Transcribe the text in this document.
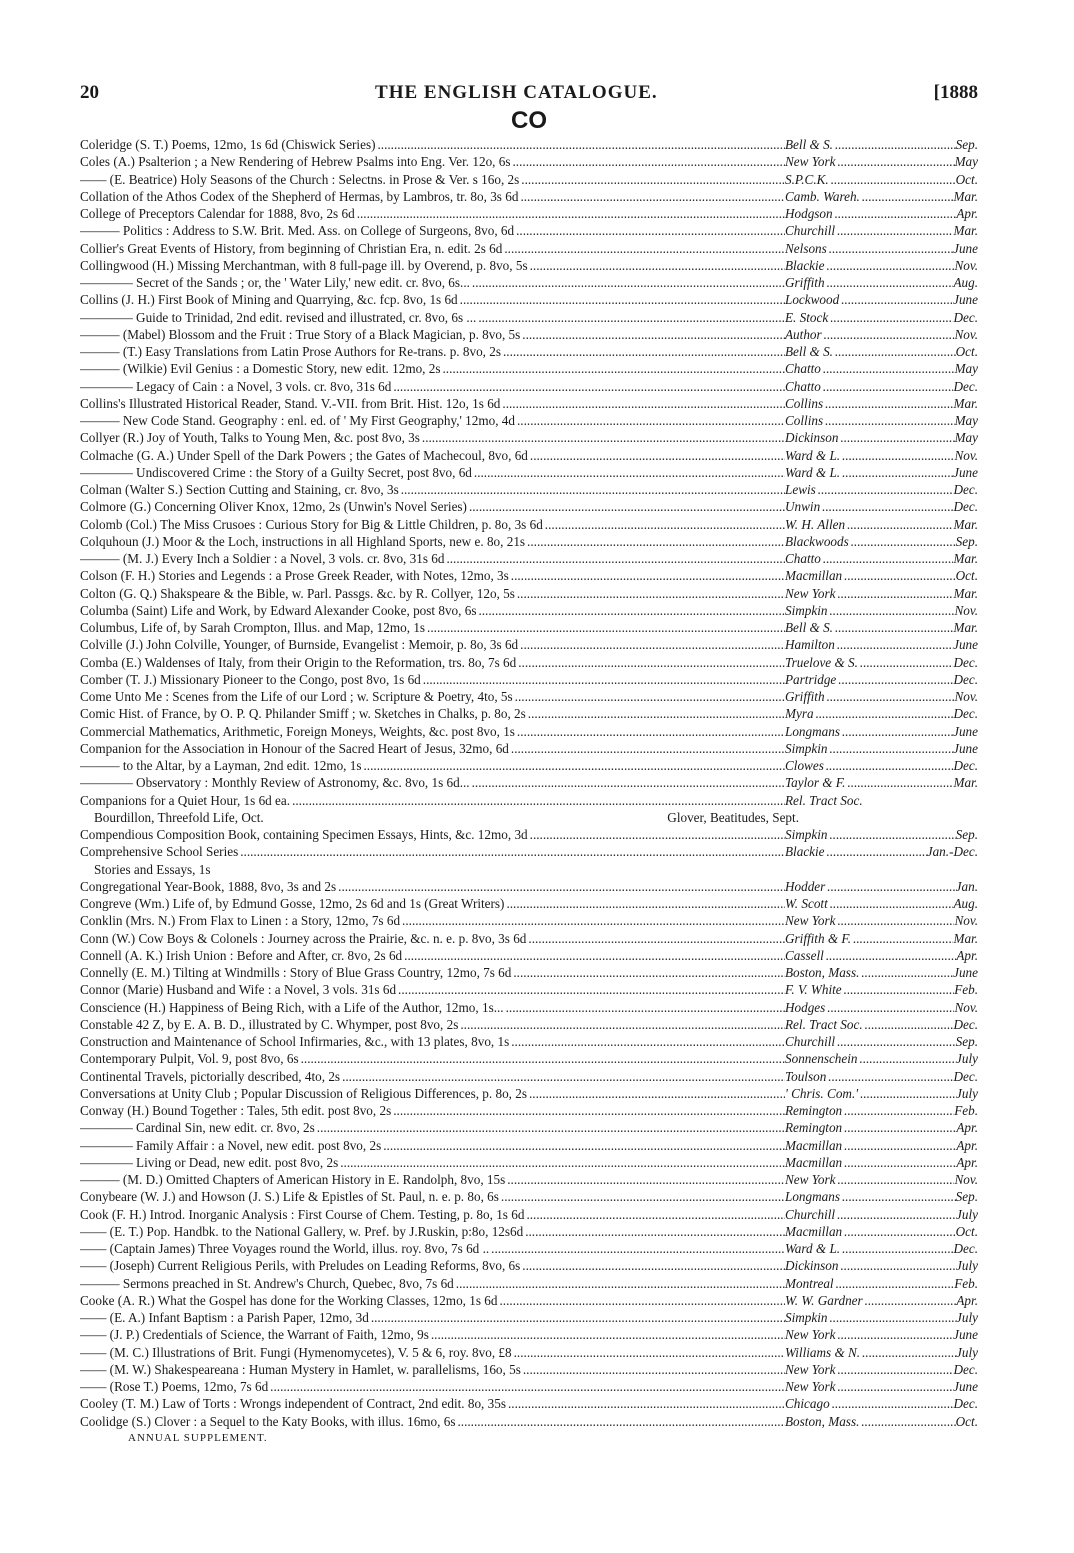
20	THE ENGLISH CATALOGUE.	[1888
CO
Coleridge (S. T.) Poems, 12mo, 1s 6d (Chiswick Series) .....	Bell & S. .....	Sep.
Coles (A.) Psalterion ; a New Rendering of Hebrew Psalms into Eng. Ver. 12o, 6s .....	New York .....	May
—— (E. Beatrice) Holy Seasons of the Church : Selectns. in Prose & Ver. s 16o, 2s .....	S.P.C.K. .....	Oct.
Collation of the Athos Codex of the Shepherd of Hermas, by Lambros, tr. 8o, 3s 6d .....	Camb. Wareh. .....	Mar.
College of Preceptors Calendar for 1888, 8vo, 2s 6d .....	Hodgson .....	Apr.
——— Politics : Address to S.W. Brit. Med. Ass. on College of Surgeons, 8vo, 6d .....	Churchill .....	Mar.
Collier's Great Events of History, from beginning of Christian Era, n. edit. 2s 6d .....	Nelsons .....	June
Collingwood (H.) Missing Merchantman, with 8 full-page ill. by Overend, p. 8vo, 5s .....	Blackie .....	Nov.
———— Secret of the Sands ; or, the ' Water Lily,' new edit. cr. 8vo, 6s... .....	Griffith .....	Aug.
Collins (J. H.) First Book of Mining and Quarrying, &c. fcp. 8vo, 1s 6d .....	Lockwood .....	June
———— Guide to Trinidad, 2nd edit. revised and illustrated, cr. 8vo, 6s ... .....	E. Stock .....	Dec.
——— (Mabel) Blossom and the Fruit : True Story of a Black Magician, p. 8vo, 5s .....	Author .....	Nov.
——— (T.) Easy Translations from Latin Prose Authors for Re-trans. p. 8vo, 2s .....	Bell & S. .....	Oct.
——— (Wilkie) Evil Genius : a Domestic Story, new edit. 12mo, 2s .....	Chatto .....	May
———— Legacy of Cain : a Novel, 3 vols. cr. 8vo, 31s 6d .....	Chatto .....	Dec.
Collins's Illustrated Historical Reader, Stand. V.-VII. from Brit. Hist. 12o, 1s 6d .....	Collins .....	Mar.
——— New Code Stand. Geography : enl. ed. of ' My First Geography,' 12mo, 4d .....	Collins .....	May
Collyer (R.) Joy of Youth, Talks to Young Men, &c. post 8vo, 3s .....	Dickinson .....	May
Colmache (G. A.) Under Spell of the Dark Powers ; the Gates of Machecoul, 8vo, 6d .....	Ward & L. .....	Nov.
———— Undiscovered Crime : the Story of a Guilty Secret, post 8vo, 6d .....	Ward & L. .....	June
Colman (Walter S.) Section Cutting and Staining, cr. 8vo, 3s .....	Lewis .....	Dec.
Colmore (G.) Concerning Oliver Knox, 12mo, 2s (Unwin's Novel Series) .....	Unwin .....	Dec.
Colomb (Col.) The Miss Crusoes : Curious Story for Big & Little Children, p. 8o, 3s 6d .....	W. H. Allen .....	Mar.
Colquhoun (J.) Moor & the Loch, instructions in all Highland Sports, new e. 8o, 21s .....	Blackwoods .....	Sep.
——— (M. J.) Every Inch a Soldier : a Novel, 3 vols. cr. 8vo, 31s 6d .....	Chatto .....	Mar.
Colson (F. H.) Stories and Legends : a Prose Greek Reader, with Notes, 12mo, 3s .....	Macmillan .....	Oct.
Colton (G. Q.) Shakspeare & the Bible, w. Parl. Passgs. &c. by R. Collyer, 12o, 5s .....	New York .....	Mar.
Columba (Saint) Life and Work, by Edward Alexander Cooke, post 8vo, 6s .....	Simpkin .....	Nov.
Columbus, Life of, by Sarah Crompton, Illus. and Map, 12mo, 1s .....	Bell & S. .....	Mar.
Colville (J.) John Colville, Younger, of Burnside, Evangelist : Memoir, p. 8o, 3s 6d .....	Hamilton .....	June
Comba (E.) Waldenses of Italy, from their Origin to the Reformation, trs. 8o, 7s 6d .....	Truelove & S. .....	Dec.
Comber (T. J.) Missionary Pioneer to the Congo, post 8vo, 1s 6d .....	Partridge .....	Dec.
Come Unto Me : Scenes from the Life of our Lord ; w. Scripture & Poetry, 4to, 5s .....	Griffith .....	Nov.
Comic Hist. of France, by O. P. Q. Philander Smiff ; w. Sketches in Chalks, p. 8o, 2s .....	Myra .....	Dec.
Commercial Mathematics, Arithmetic, Foreign Moneys, Weights, &c. post 8vo, 1s .....	Longmans .....	June
Companion for the Association in Honour of the Sacred Heart of Jesus, 32mo, 6d .....	Simpkin .....	June
——— to the Altar, by a Layman, 2nd edit. 12mo, 1s .....	Clowes .....	Dec.
———— Observatory : Monthly Review of Astronomy, &c. 8vo, 1s 6d... .....	Taylor & F. .....	Mar.
Companions for a Quiet Hour, 1s 6d ea. .....	Rel. Tract Soc.
Bourdillon, Threefold Life, Oct.	Glover, Beatitudes, Sept.
Compendious Composition Book, containing Specimen Essays, Hints, &c. 12mo, 3d .....	Simpkin .....	Sep.
Comprehensive School Series .....	Blackie .....	Jan.-Dec.
Stories and Essays, 1s
Congregational Year-Book, 1888, 8vo, 3s and 2s .....	Hodder .....	Jan.
Congreve (Wm.) Life of, by Edmund Gosse, 12mo, 2s 6d and 1s (Great Writers) .....	W. Scott .....	Aug.
Conklin (Mrs. N.) From Flax to Linen : a Story, 12mo, 7s 6d .....	New York .....	Nov.
Conn (W.) Cow Boys & Colonels : Journey across the Prairie, &c. n. e. p. 8vo, 3s 6d .....	Griffith & F. .....	Mar.
Connell (A. K.) Irish Union : Before and After, cr. 8vo, 2s 6d .....	Cassell .....	Apr.
Connelly (E. M.) Tilting at Windmills : Story of Blue Grass Country, 12mo, 7s 6d .....	Boston, Mass. .....	June
Connor (Marie) Husband and Wife : a Novel, 3 vols. 31s 6d .....	F. V. White .....	Feb.
Conscience (H.) Happiness of Being Rich, with a Life of the Author, 12mo, 1s... .....	Hodges .....	Nov.
Constable 42 Z, by E. A. B. D., illustrated by C. Whymper, post 8vo, 2s .....	Rel. Tract Soc. .....	Dec.
Construction and Maintenance of School Infirmaries, &c., with 13 plates, 8vo, 1s .....	Churchill .....	Sep.
Contemporary Pulpit, Vol. 9, post 8vo, 6s .....	Sonnenschein .....	July
Continental Travels, pictorially described, 4to, 2s .....	Toulson .....	Dec.
Conversations at Unity Club ; Popular Discussion of Religious Differences, p. 8o, 2s .....	' Chris. Com.' .....	July
Conway (H.) Bound Together : Tales, 5th edit. post 8vo, 2s .....	Remington .....	Feb.
———— Cardinal Sin, new edit. cr. 8vo, 2s .....	Remington .....	Apr.
———— Family Affair : a Novel, new edit. post 8vo, 2s .....	Macmillan .....	Apr.
———— Living or Dead, new edit. post 8vo, 2s .....	Macmillan .....	Apr.
——— (M. D.) Omitted Chapters of American History in E. Randolph, 8vo, 15s .....	New York .....	Nov.
Conybeare (W. J.) and Howson (J. S.) Life & Epistles of St. Paul, n. e. p. 8o, 6s .....	Longmans .....	Sep.
Cook (F. H.) Introd. Inorganic Analysis : First Course of Chem. Testing, p. 8o, 1s 6d .....	Churchill .....	July
—— (E. T.) Pop. Handbk. to the National Gallery, w. Pref. by J.Ruskin, p:8o, 12s6d .....	Macmillan .....	Oct.
—— (Captain James) Three Voyages round the World, illus. roy. 8vo, 7s 6d .. .....	Ward & L. .....	Dec.
—— (Joseph) Current Religious Perils, with Preludes on Leading Reforms, 8vo, 6s .....	Dickinson .....	July
——— Sermons preached in St. Andrew's Church, Quebec, 8vo, 7s 6d .....	Montreal .....	Feb.
Cooke (A. R.) What the Gospel has done for the Working Classes, 12mo, 1s 6d .....	W. W. Gardner .....	Apr.
—— (E. A.) Infant Baptism : a Parish Paper, 12mo, 3d .....	Simpkin .....	July
—— (J. P.) Credentials of Science, the Warrant of Faith, 12mo, 9s .....	New York .....	June
—— (M. C.) Illustrations of Brit. Fungi (Hymenomycetes), V. 5 & 6, roy. 8vo, £8 .....	Williams & N. .....	July
—— (M. W.) Shakespeareana : Human Mystery in Hamlet, w. parallelisms, 16o, 5s .....	New York .....	Dec.
—— (Rose T.) Poems, 12mo, 7s 6d .....	New York .....	June
Cooley (T. M.) Law of Torts : Wrongs independent of Contract, 2nd edit. 8o, 35s .....	Chicago .....	Dec.
Coolidge (S.) Clover : a Sequel to the Katy Books, with illus. 16mo, 6s .....	Boston, Mass. .....	Oct.
ANNUAL SUPPLEMENT.
